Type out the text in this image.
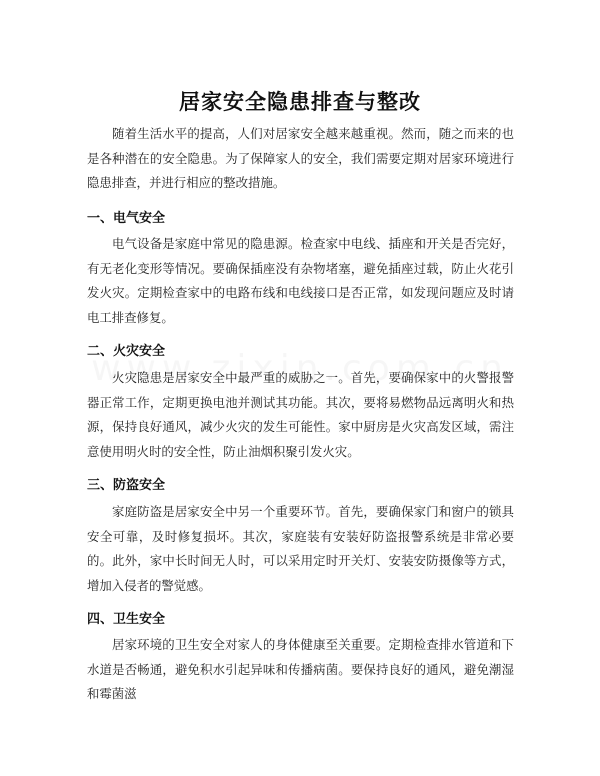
居家安全隐患排查与整改

随着生活水平的提高，人们对居家安全越来越重视。然而，随之而来的也是各种潜在的安全隐患。为了保障家人的安全，我们需要定期对居家环境进行隐患排查，并进行相应的整改措施。

一、电气安全

电气设备是家庭中常见的隐患源。检查家中电线、插座和开关是否完好，有无老化变形等情况。要确保插座没有杂物堵塞，避免插座过载，防止火花引发火灾。定期检查家中的电路布线和电线接口是否正常，如发现问题应及时请电工排查修复。

二、火灾安全

火灾隐患是居家安全中最严重的威胁之一。首先，要确保家中的火警报警器正常工作，定期更换电池并测试其功能。其次，要将易燃物品远离明火和热源，保持良好通风，减少火灾的发生可能性。家中厨房是火灾高发区域，需注意使用明火时的安全性，防止油烟积聚引发火灾。

三、防盗安全

家庭防盗是居家安全中另一个重要环节。首先，要确保家门和窗户的锁具安全可靠，及时修复损坏。其次，家庭装有安装好防盗报警系统是非常必要的。此外，家中长时间无人时，可以采用定时开关灯、安装安防摄像等方式，增加入侵者的警觉感。

四、卫生安全

居家环境的卫生安全对家人的身体健康至关重要。定期检查排水管道和下水道是否畅通，避免积水引起异味和传播病菌。要保持良好的通风，避免潮湿和霉菌滋
